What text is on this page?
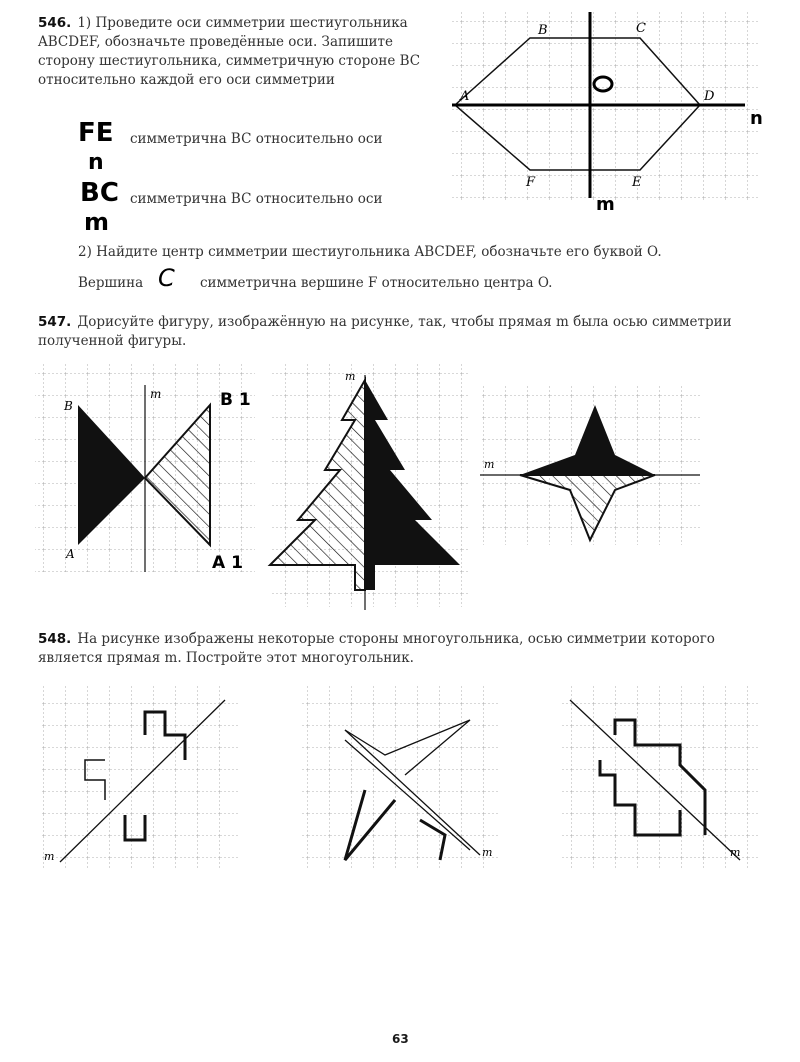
B	C
A	D
F	E
n
m
B
A
m	B 1
A 1
m
m
m	m	m
546. 1) Проведите оси симметрии шестиугольника ABCDEF, обозначьте проведённые оси. Запишите сторону шестиугольника, симметричную стороне BC относительно каждой его оси симметрии
FE симметрична BC относительно оси
n
BC симметрична BC относительно оси
m
2) Найдите центр симметрии шестиугольника ABCDEF, обозначьте его буквой O.
Вершина C симметрична вершине F относительно центра O.
547. Дорисуйте фигуру, изображённую на рисунке, так, чтобы прямая m была осью симметрии полученной фигуры.
548. На рисунке изображены некоторые стороны многоугольника, осью симметрии которого является прямая m. Постройте этот многоугольник.
63
